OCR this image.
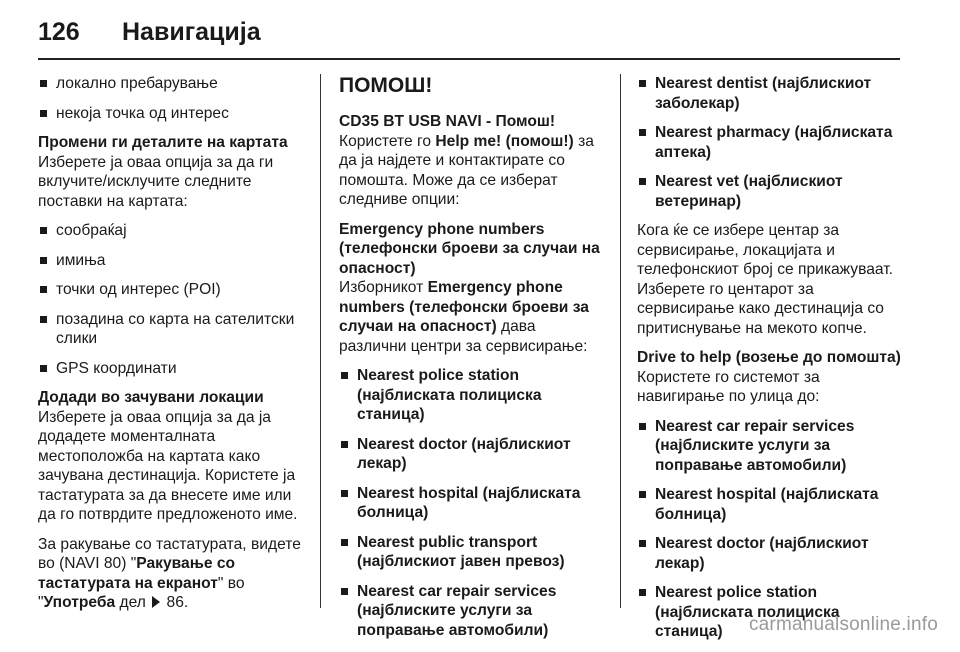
126	Навигација
локално пребарување
некоја точка од интерес
Промени ги деталите на картата
Изберете ја оваа опција за да ги вклучите/исклучите следните поставки на картата:
сообраќај
имиња
точки од интерес (POI)
позадина со карта на сателитски слики
GPS координати
Додади во зачувани локации
Изберете ја оваа опција за да ја додадете моменталната местоположба на картата како зачувана дестинација. Користете ја тастатурата за да внесете име или да го потврдите предложеното име.
За ракување со тастатурата, видете во (NAVI 80) "Ракување со тастатурата на екранот" во "Употреба дел  86.
ПОМОШ!
CD35 BT USB NAVI - Помош!
Користете го Help me! (помош!) за да ја најдете и контактирате со помошта. Може да се изберат следниве опции:
Emergency phone numbers (телефонски броеви за случаи на опасност)
Изборникот Emergency phone numbers (телефонски броеви за случаи на опасност) дава различни центри за сервисирање:
Nearest police station (најблиската полициска станица)
Nearest doctor (најблискиот лекар)
Nearest hospital (најблиската болница)
Nearest public transport (најблискиот јавен превоз)
Nearest car repair services (најблиските услуги за поправање автомобили)
Nearest dentist (најблискиот заболекар)
Nearest pharmacy (најблиската аптека)
Nearest vet (најблискиот ветеринар)
Кога ќе се избере центар за сервисирање, локацијата и телефонскиот број се прикажуваат. Изберете го центарот за сервисирање како дестинација со притиснување на мекото копче.
Drive to help (возење до помошта)
Користете го системот за навигирање по улица до:
Nearest car repair services (најблиските услуги за поправање автомобили)
Nearest hospital (најблиската болница)
Nearest doctor (најблискиот лекар)
Nearest police station (најблиската полициска станица)	carmanualsonline.info
